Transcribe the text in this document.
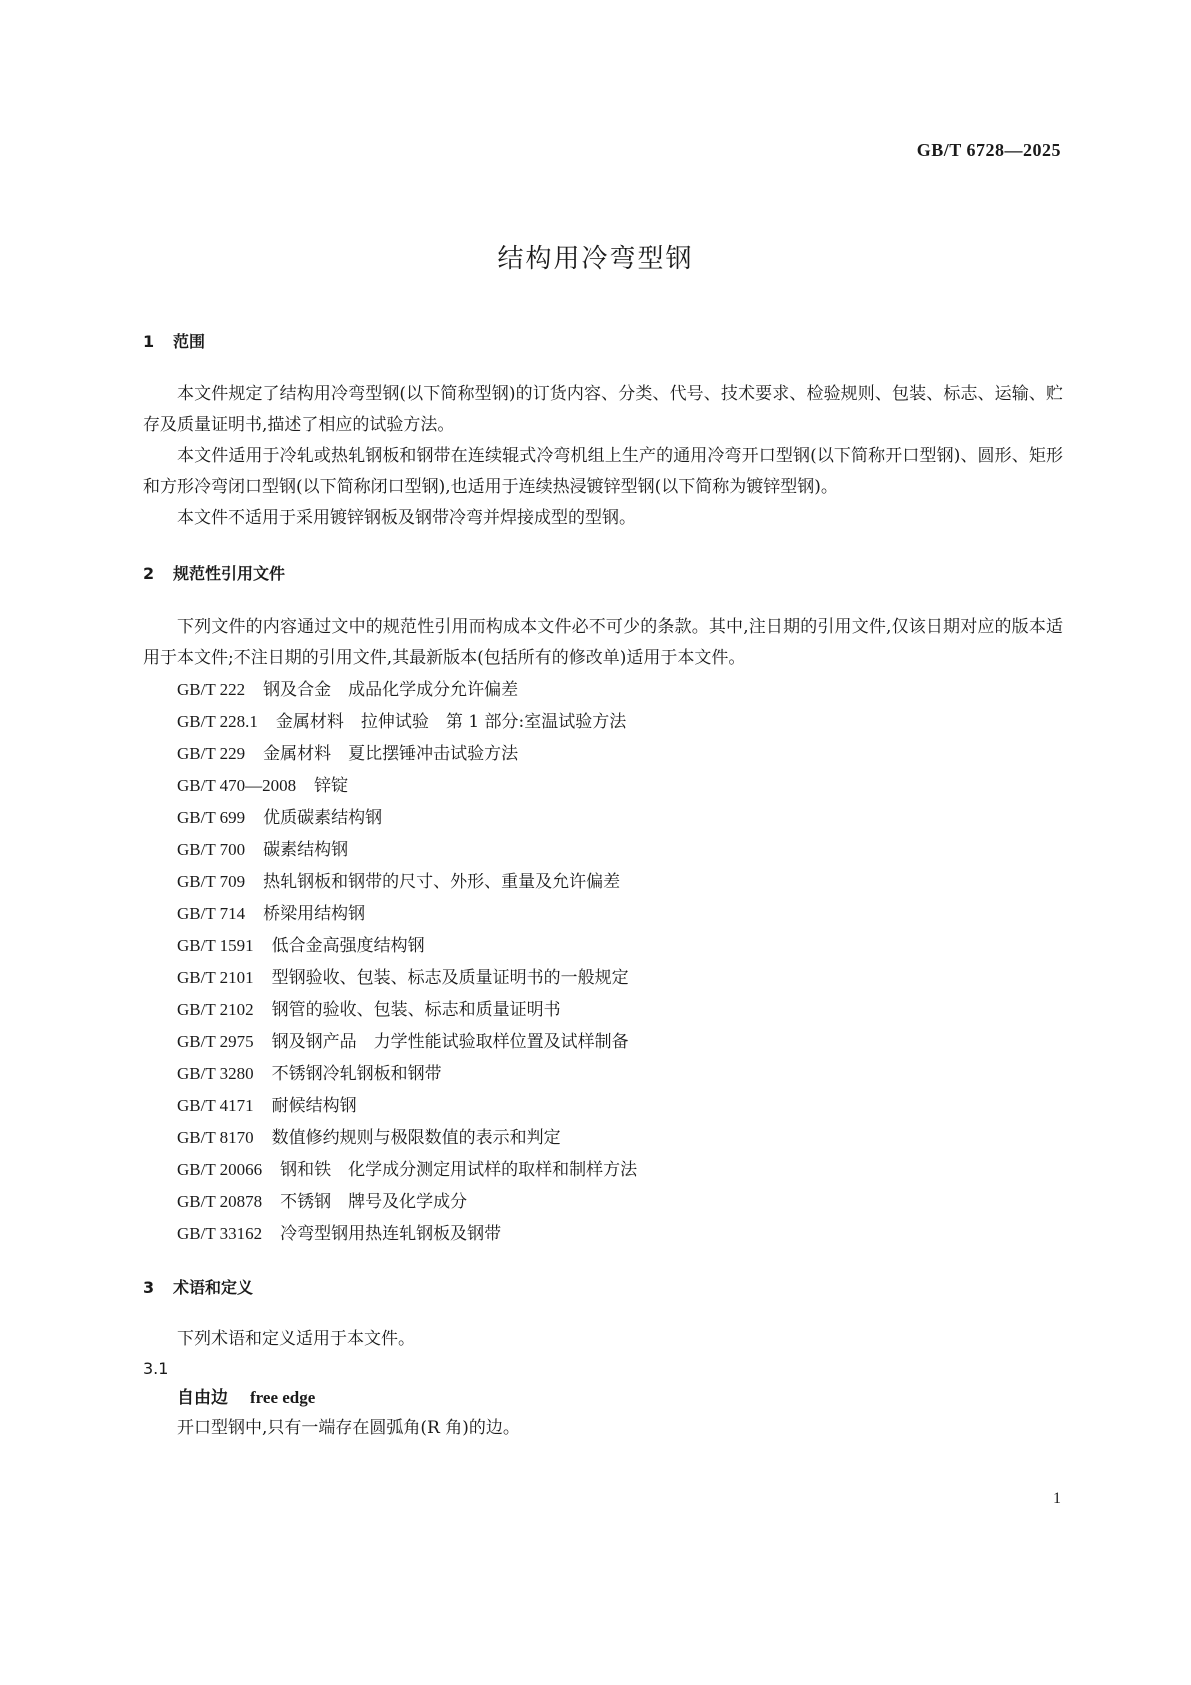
GB/T 6728—2025
结构用冷弯型钢
1 范围

本文件规定了结构用冷弯型钢(以下简称型钢)的订货内容、分类、代号、技术要求、检验规则、包装、标志、运输、贮存及质量证明书,描述了相应的试验方法。

本文件适用于冷轧或热轧钢板和钢带在连续辊式冷弯机组上生产的通用冷弯开口型钢(以下简称开口型钢)、圆形、矩形和方形冷弯闭口型钢(以下简称闭口型钢),也适用于连续热浸镀锌型钢(以下简称为镀锌型钢)。

本文件不适用于采用镀锌钢板及钢带冷弯并焊接成型的型钢。

2 规范性引用文件

下列文件的内容通过文中的规范性引用而构成本文件必不可少的条款。其中,注日期的引用文件,仅该日期对应的版本适用于本文件;不注日期的引用文件,其最新版本(包括所有的修改单)适用于本文件。

GB/T 222 钢及合金　成品化学成分允许偏差
GB/T 228.1 金属材料　拉伸试验　第 1 部分:室温试验方法
GB/T 229 金属材料　夏比摆锤冲击试验方法
GB/T 470—2008 锌锭
GB/T 699 优质碳素结构钢
GB/T 700 碳素结构钢
GB/T 709 热轧钢板和钢带的尺寸、外形、重量及允许偏差
GB/T 714 桥梁用结构钢
GB/T 1591 低合金高强度结构钢
GB/T 2101 型钢验收、包装、标志及质量证明书的一般规定
GB/T 2102 钢管的验收、包装、标志和质量证明书
GB/T 2975 钢及钢产品　力学性能试验取样位置及试样制备
GB/T 3280 不锈钢冷轧钢板和钢带
GB/T 4171 耐候结构钢
GB/T 8170 数值修约规则与极限数值的表示和判定
GB/T 20066 钢和铁　化学成分测定用试样的取样和制样方法
GB/T 20878 不锈钢　牌号及化学成分
GB/T 33162 冷弯型钢用热连轧钢板及钢带
3 术语和定义

下列术语和定义适用于本文件。

3.1
自由边 free edge
开口型钢中,只有一端存在圆弧角(R 角)的边。
1
